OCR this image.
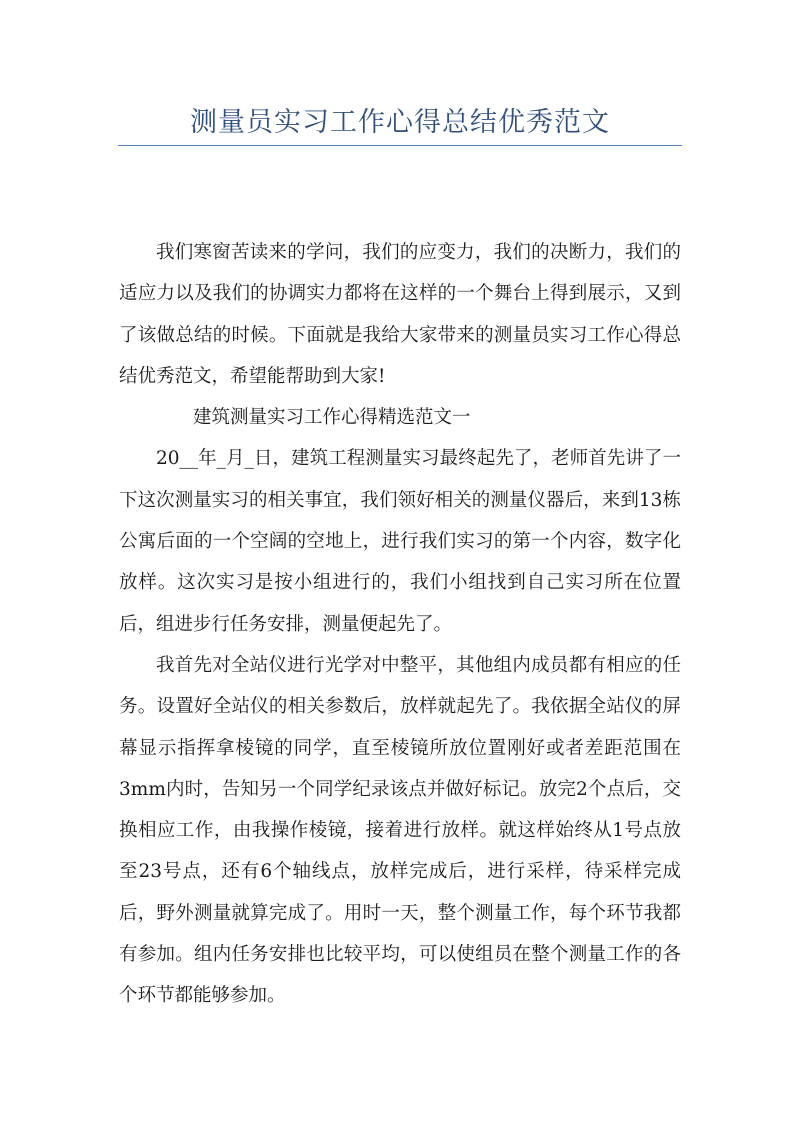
测量员实习工作心得总结优秀范文

我们寒窗苦读来的学问，我们的应变力，我们的决断力，我们的适应力以及我们的协调实力都将在这样的一个舞台上得到展示，又到了该做总结的时候。下面就是我给大家带来的测量员实习工作心得总结优秀范文，希望能帮助到大家!

建筑测量实习工作心得精选范文一

20__年_月_日，建筑工程测量实习最终起先了，老师首先讲了一下这次测量实习的相关事宜，我们领好相关的测量仪器后，来到13栋公寓后面的一个空阔的空地上，进行我们实习的第一个内容，数字化放样。这次实习是按小组进行的，我们小组找到自己实习所在位置后，组进步行任务安排，测量便起先了。

我首先对全站仪进行光学对中整平，其他组内成员都有相应的任务。设置好全站仪的相关参数后，放样就起先了。我依据全站仪的屏幕显示指挥拿棱镜的同学，直至棱镜所放位置刚好或者差距范围在3mm内时，告知另一个同学纪录该点并做好标记。放完2个点后，交换相应工作，由我操作棱镜，接着进行放样。就这样始终从1号点放至23号点，还有6个轴线点，放样完成后，进行采样，待采样完成后，野外测量就算完成了。用时一天，整个测量工作，每个环节我都有参加。组内任务安排也比较平均，可以使组员在整个测量工作的各个环节都能够参加。
